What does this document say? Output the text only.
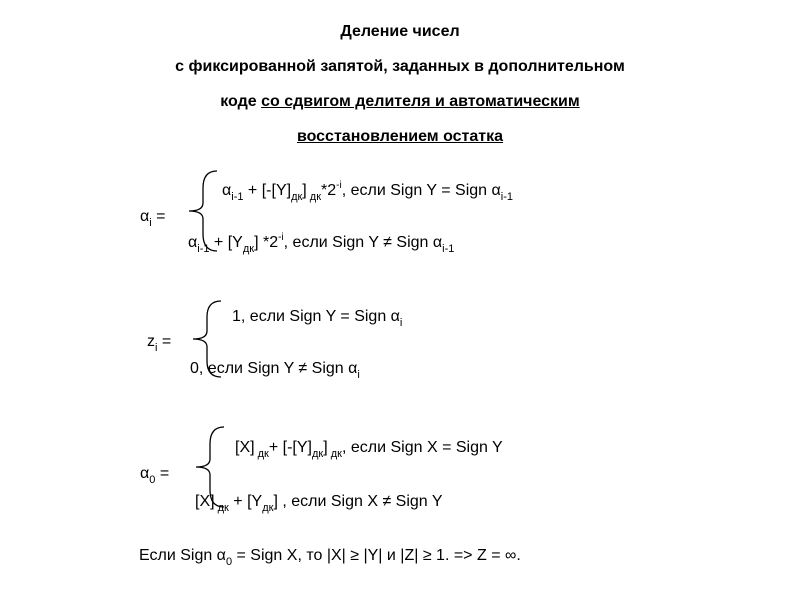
Деление чисел
с фиксированной запятой, заданных в дополнительном
коде со сдвигом делителя и автоматическим
восстановлением остатка
$\alpha_i$ =
$\alpha_{i-1} + [-[Y]_{дк}]$ $_{дк}*2^{-i}$, если Sign Y = Sign $\alpha_{i-1}$
$\alpha_{i-1} + [Y_{дк}]$ $*2^{-i}$, если Sign Y ≠ Sign $\alpha_{i-1}$
$z_i$ =
1, если Sign Y = Sign $\alpha_i$
0, если Sign Y ≠ Sign $\alpha_i$
$\alpha_0$ =
[X] $_{дк}+ [-[Y]_{дк}]$ $_{дк}$, если Sign X = Sign Y
[X] $_{дк} + [Y_{дк}]$ , если Sign X ≠ Sign Y
Если Sign $\alpha_0$ = Sign X, то |X| ≥ |Y| и |Z| ≥ 1. => Z = ∞.
